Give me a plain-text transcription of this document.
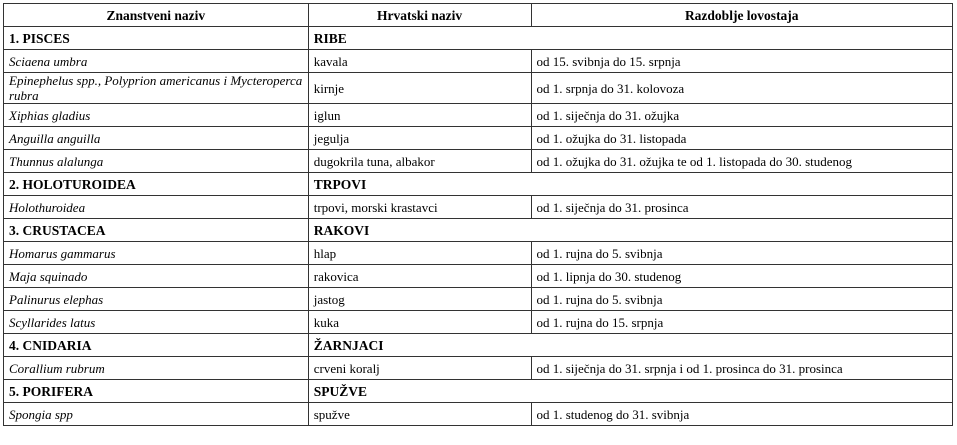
Znanstveni naziv	Hrvatski naziv	Razdoblje lovostaja
1. PISCES	RIBE	
Sciaena umbra	kavala	od 15. svibnja do 15. srpnja
Epinephelus spp., Polyprion americanus i Mycteroperca rubra	kirnje	od 1. srpnja do 31. kolovoza
Xiphias gladius	iglun	od 1. siječnja do 31. ožujka
Anguilla anguilla	jegulja	od 1. ožujka do 31. listopada
Thunnus alalunga	dugokrila tuna, albakor	od 1. ožujka do 31. ožujka te od 1. listopada do 30. studenog
2. HOLOTUROIDEA	TRPOVI	
Holothuroidea	trpovi, morski krastavci	od 1. siječnja do 31. prosinca
3. CRUSTACEA	RAKOVI	
Homarus gammarus	hlap	od 1. rujna do 5. svibnja
Maja squinado	rakovica	od 1. lipnja do 30. studenog
Palinurus elephas	jastog	od 1. rujna do 5. svibnja
Scyllarides latus	kuka	od 1. rujna do 15. srpnja
4. CNIDARIA	ŽARNJACI	
Corallium rubrum	crveni koralj	od 1. siječnja do 31. srpnja i od 1. prosinca do 31. prosinca
5. PORIFERA	SPUŽVE	
Spongia spp	spužve	od 1. studenog do 31. svibnja
